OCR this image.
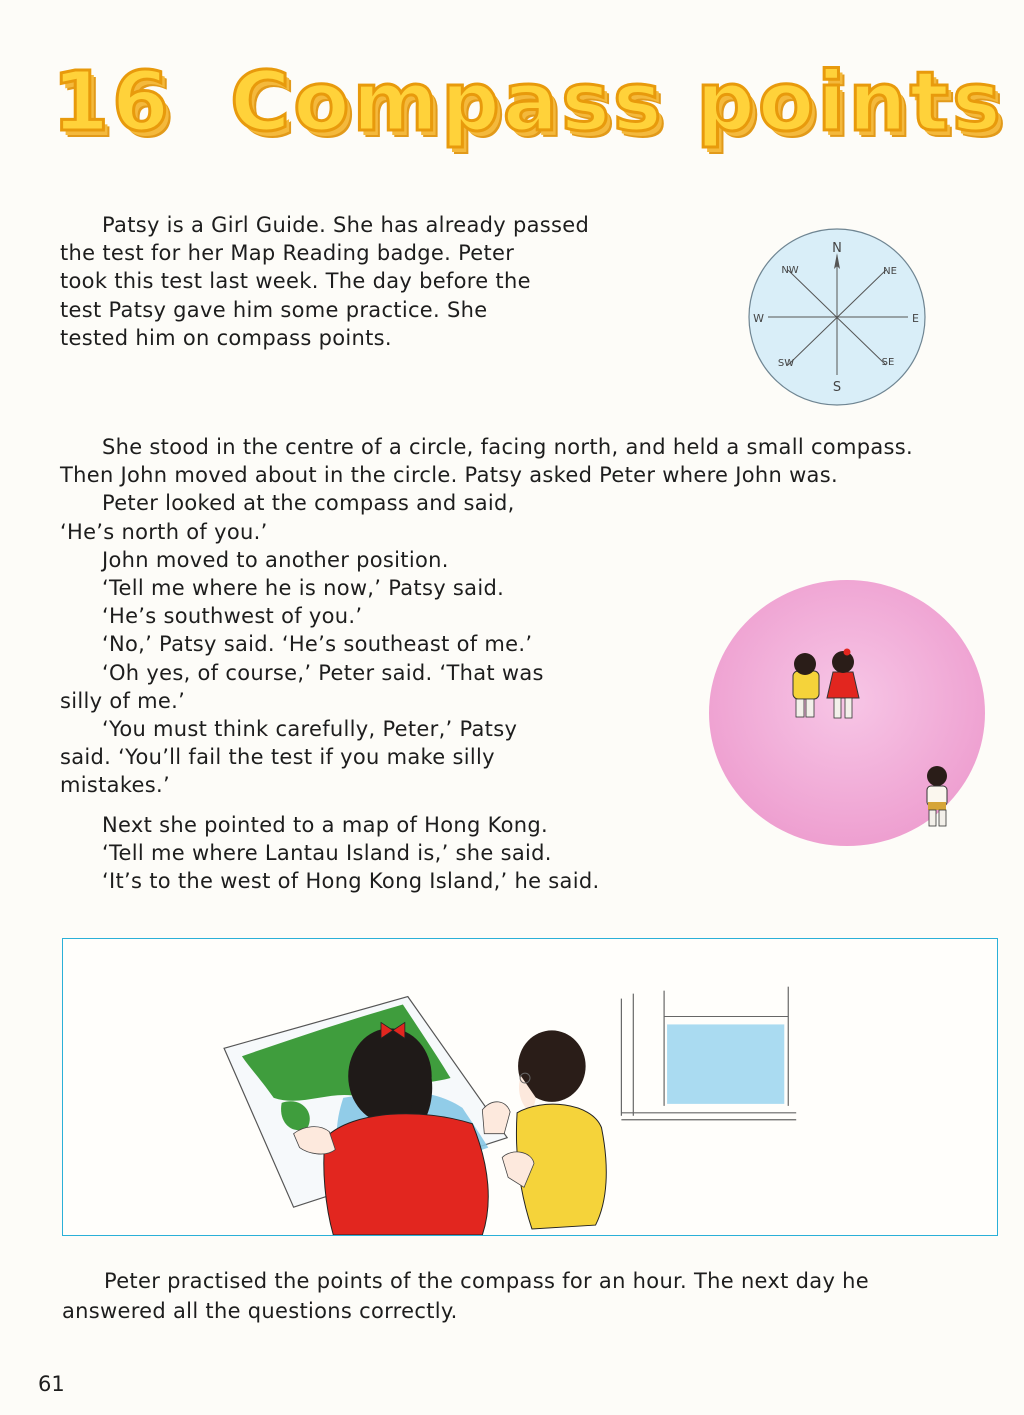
16 Compass points

Patsy is a Girl Guide. She has already passed
the test for her Map Reading badge. Peter
took this test last week. The day before the
test Patsy gave him some practice. She
tested him on compass points.

N
NE
E
SE
S
SW
W
NW

She stood in the centre of a circle, facing north, and held a small compass.
Then John moved about in the circle. Patsy asked Peter where John was.
Peter looked at the compass and said,
‘He’s north of you.’
John moved to another position.
‘Tell me where he is now,’ Patsy said.
‘He’s southwest of you.’
‘No,’ Patsy said. ‘He’s southeast of me.’
‘Oh yes, of course,’ Peter said. ‘That was
silly of me.’
‘You must think carefully, Peter,’ Patsy
said. ‘You’ll fail the test if you make silly
mistakes.’

Next she pointed to a map of Hong Kong.
‘Tell me where Lantau Island is,’ she said.
‘It’s to the west of Hong Kong Island,’ he said.

Peter practised the points of the compass for an hour. The next day he
answered all the questions correctly.

61
